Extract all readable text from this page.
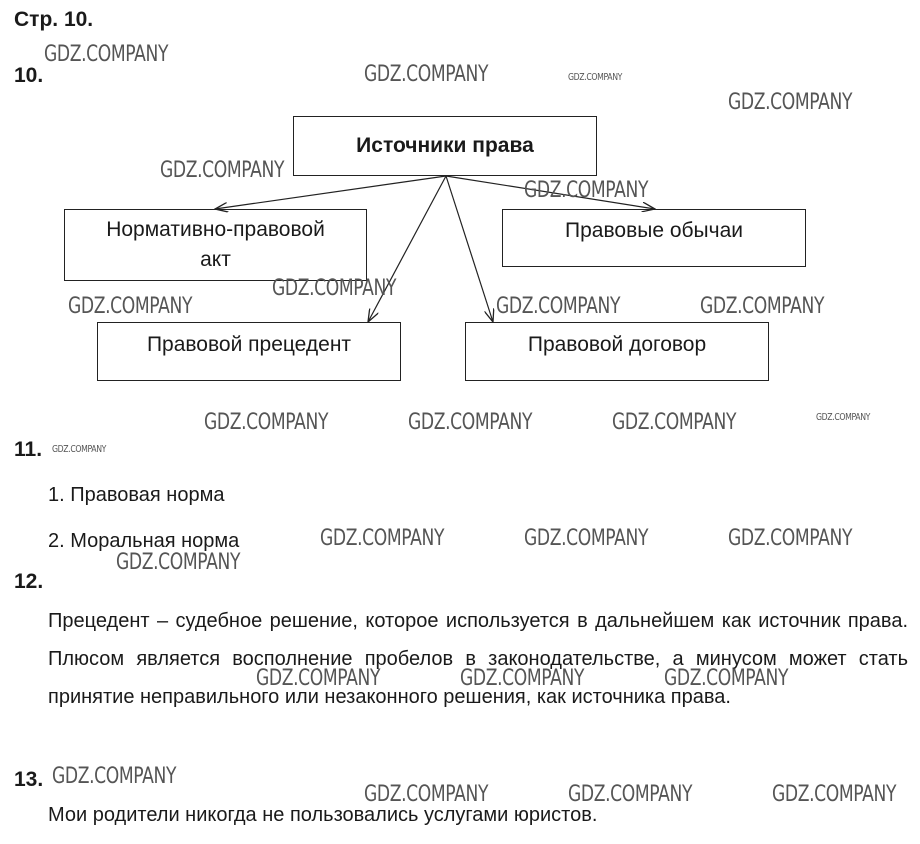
Стр. 10.
10.
Источники права
Нормативно-правовой акт
Правовые обычаи
Правовой прецедент	Правовой договор
11.
1. Правовая норма
2. Моральная норма
12.
Прецедент – судебное решение, которое используется в дальнейшем как источник права. Плюсом является восполнение пробелов в законодательстве, а минусом может стать принятие неправильного или незаконного решения, как источника права.
13.
Мои родители никогда не пользовались услугами юристов.
GDZ.COMPANY
GDZ.COMPANY	GDZ.COMPANY
GDZ.COMPANY
GDZ.COMPANY
GDZ.COMPANY
GDZ.COMPANY
GDZ.COMPANY	GDZ.COMPANY	GDZ.COMPANY
GDZ.COMPANY	GDZ.COMPANY	GDZ.COMPANY	GDZ.COMPANY
GDZ.COMPANY
GDZ.COMPANY	GDZ.COMPANY	GDZ.COMPANY
GDZ.COMPANY
GDZ.COMPANY	GDZ.COMPANY	GDZ.COMPANY
GDZ.COMPANY
GDZ.COMPANY	GDZ.COMPANY	GDZ.COMPANY
